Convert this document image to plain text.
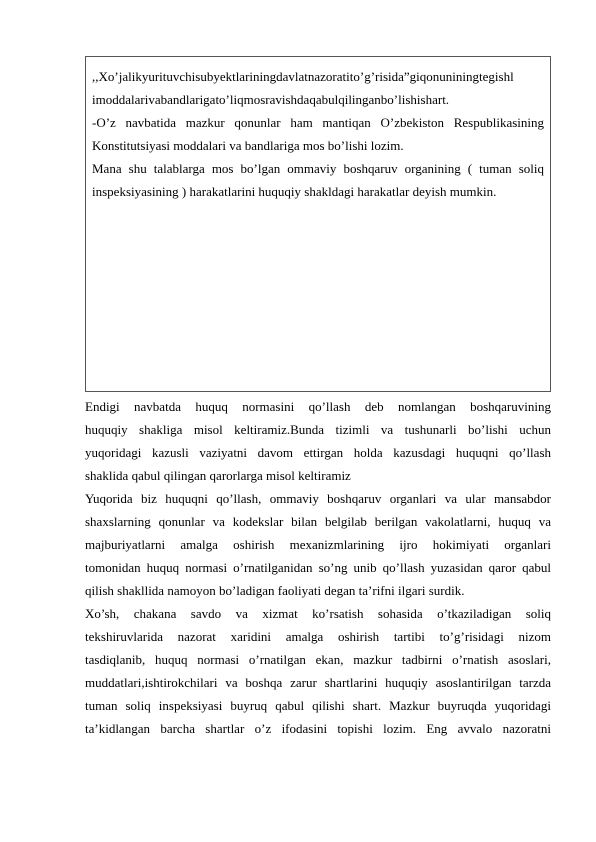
,,Xo’jalikyurituvchisubyektlariningdavlatnazoratito’g’risida”giqonuniningtegishl
imoddalarivabandlarigato’liqmosravishdaqabulqilinganbo’lishishart.
-O’z navbatida mazkur qonunlar ham mantiqan O’zbekiston Respublikasining
Konstitutsiyasi moddalari va bandlariga mos bo’lishi lozim.
Mana shu talablarga mos bo’lgan ommaviy boshqaruv organining ( tuman soliq
inspeksiyasining ) harakatlarini huquqiy shakldagi harakatlar deyish mumkin.
Endigi navbatda huquq normasini qo’llash deb nomlangan boshqaruvining
huquqiy shakliga misol keltiramiz.Bunda tizimli va tushunarli bo’lishi uchun
yuqoridagi kazusli vaziyatni davom ettirgan holda kazusdagi huquqni qo’llash
shaklida qabul qilingan qarorlarga misol keltiramiz
Yuqorida biz huquqni qo’llash, ommaviy boshqaruv organlari va ular mansabdor
shaxslarning qonunlar va kodekslar bilan belgilab berilgan vakolatlarni, huquq va
majburiyatlarni amalga oshirish mexanizmlarining ijro hokimiyati organlari
tomonidan huquq normasi o’rnatilganidan so’ng unib qo’llash yuzasidan qaror qabul
qilish shakllida namoyon bo’ladigan faoliyati degan ta’rifni ilgari surdik.
Xo’sh, chakana savdo va xizmat ko’rsatish sohasida o’tkaziladigan soliq
tekshiruvlarida nazorat xaridini amalga oshirish tartibi to’g’risidagi nizom
tasdiqlanib, huquq normasi o’rnatilgan ekan, mazkur tadbirni o’rnatish asoslari,
muddatlari,ishtirokchilari va boshqa zarur shartlarini huquqiy asoslantirilgan tarzda
tuman soliq inspeksiyasi buyruq qabul qilishi shart. Mazkur buyruqda yuqoridagi
ta’kidlangan barcha shartlar o’z ifodasini topishi lozim. Eng avvalo nazoratni
